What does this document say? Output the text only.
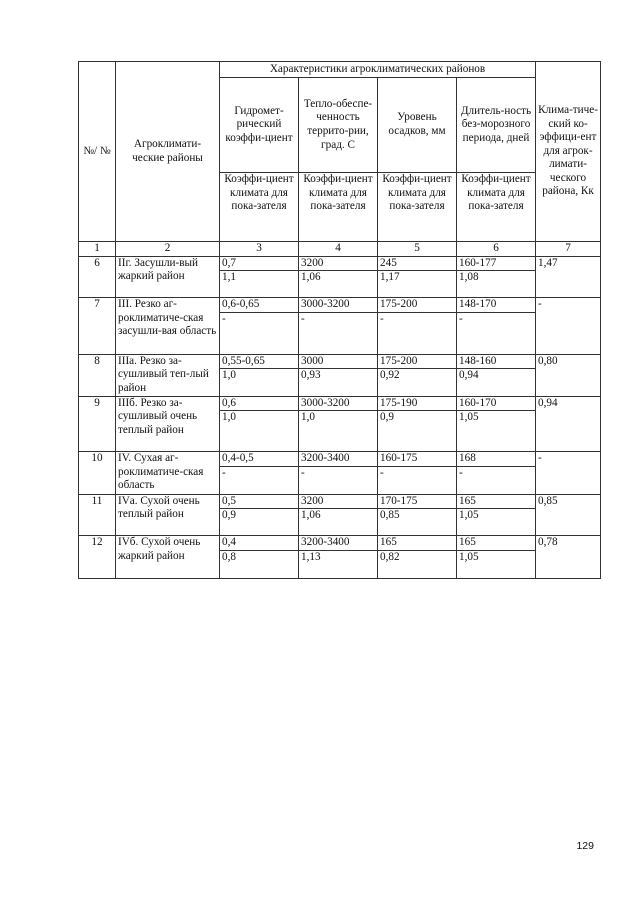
№/ №	Агроклимати-ческие районы	Характеристики агроклиматических районов				Клима-тиче-ский ко-эффици-ент для агрок-лимати-ческого района, Кк
		Гидромет-рический коэффи-циент	Тепло-обеспе-ченность террито-рии, град. С	Уровень осадков, мм	Длитель-ность без-морозного периода, дней	
		Коэффи-циент климата для пока-зателя	Коэффи-циент климата для пока-зателя	Коэффи-циент климата для пока-зателя	Коэффи-циент климата для пока-зателя	
1	2	3	4	5	6	7
6	IIг. Засушли-вый жаркий район	0,7	3200	245	160-177	1,47
		1,1	1,06	1,17	1,08	
7	III. Резко аг-роклиматиче-ская засушли-вая область	0,6-0,65	3000-3200	175-200	148-170	-
		-	-	-	-	
8	IIIа. Резко за-сушливый теп-лый район	0,55-0,65	3000	175-200	148-160	0,80
		1,0	0,93	0,92	0,94	
9	IIIб. Резко за-сушливый очень теплый район	0,6	3000-3200	175-190	160-170	0,94
		1,0	1,0	0,9	1,05	
10	IV. Сухая аг-роклиматиче-ская область	0,4-0,5	3200-3400	160-175	168	-
		-	-	-	-	
11	IVа. Сухой очень теплый район	0,5	3200	170-175	165	0,85
		0,9	1,06	0,85	1,05	
12	IVб. Сухой очень жаркий район	0,4	3200-3400	165	165	0,78
		0,8	1,13	0,82	1,05	
129
